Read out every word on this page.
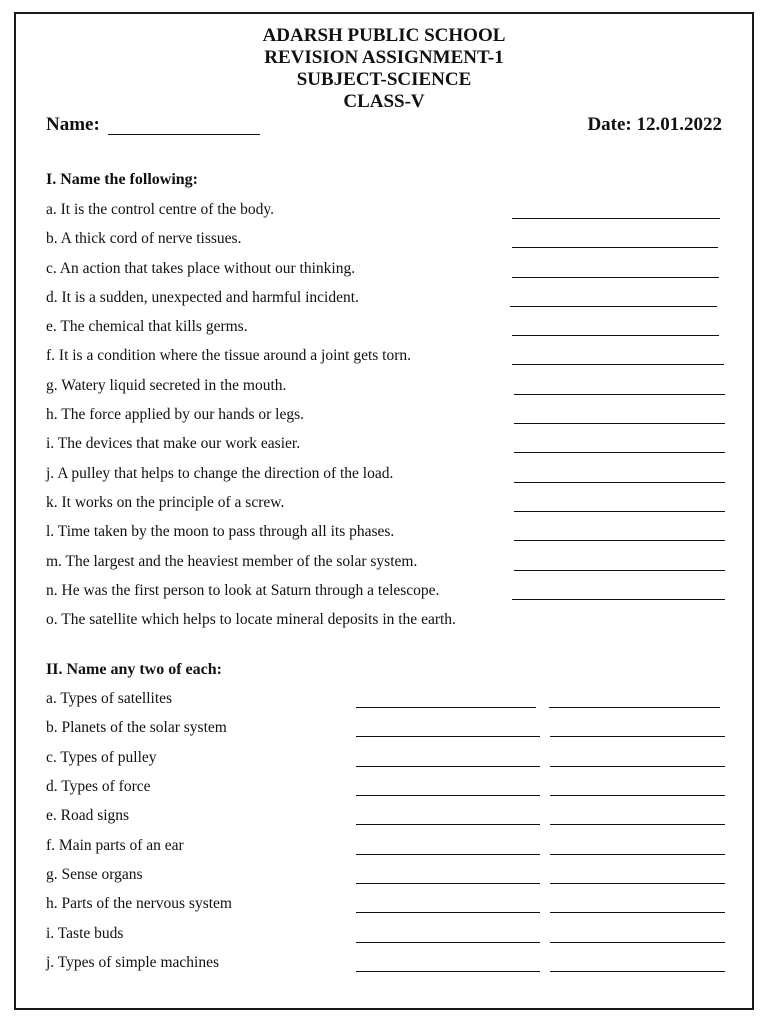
ADARSH PUBLIC SCHOOL
REVISION ASSIGNMENT-1
SUBJECT-SCIENCE
CLASS-V
Name:	Date: 12.01.2022
I. Name the following:
a. It is the control centre of the body.
b. A thick cord of nerve tissues.
c. An action that takes place without our thinking.
d. It is a sudden, unexpected and harmful incident.
e. The chemical that kills germs.
f. It is a condition where the tissue around a joint gets torn.
g. Watery liquid secreted in the mouth.
h. The force applied by our hands or legs.
i. The devices that make our work easier.
j. A pulley that helps to change the direction of the load.
k. It works on the principle of a screw.
l. Time taken by the moon to pass through all its phases.
m. The largest and the heaviest member of the solar system.
n. He was the first person to look at Saturn through a telescope.
o. The satellite which helps to locate mineral deposits in the earth.
II. Name any two of each:
a. Types of satellites
b. Planets of the solar system
c. Types of pulley
d. Types of force
e. Road signs
f. Main parts of an ear
g. Sense organs
h. Parts of the nervous system
i. Taste buds
j. Types of simple machines
